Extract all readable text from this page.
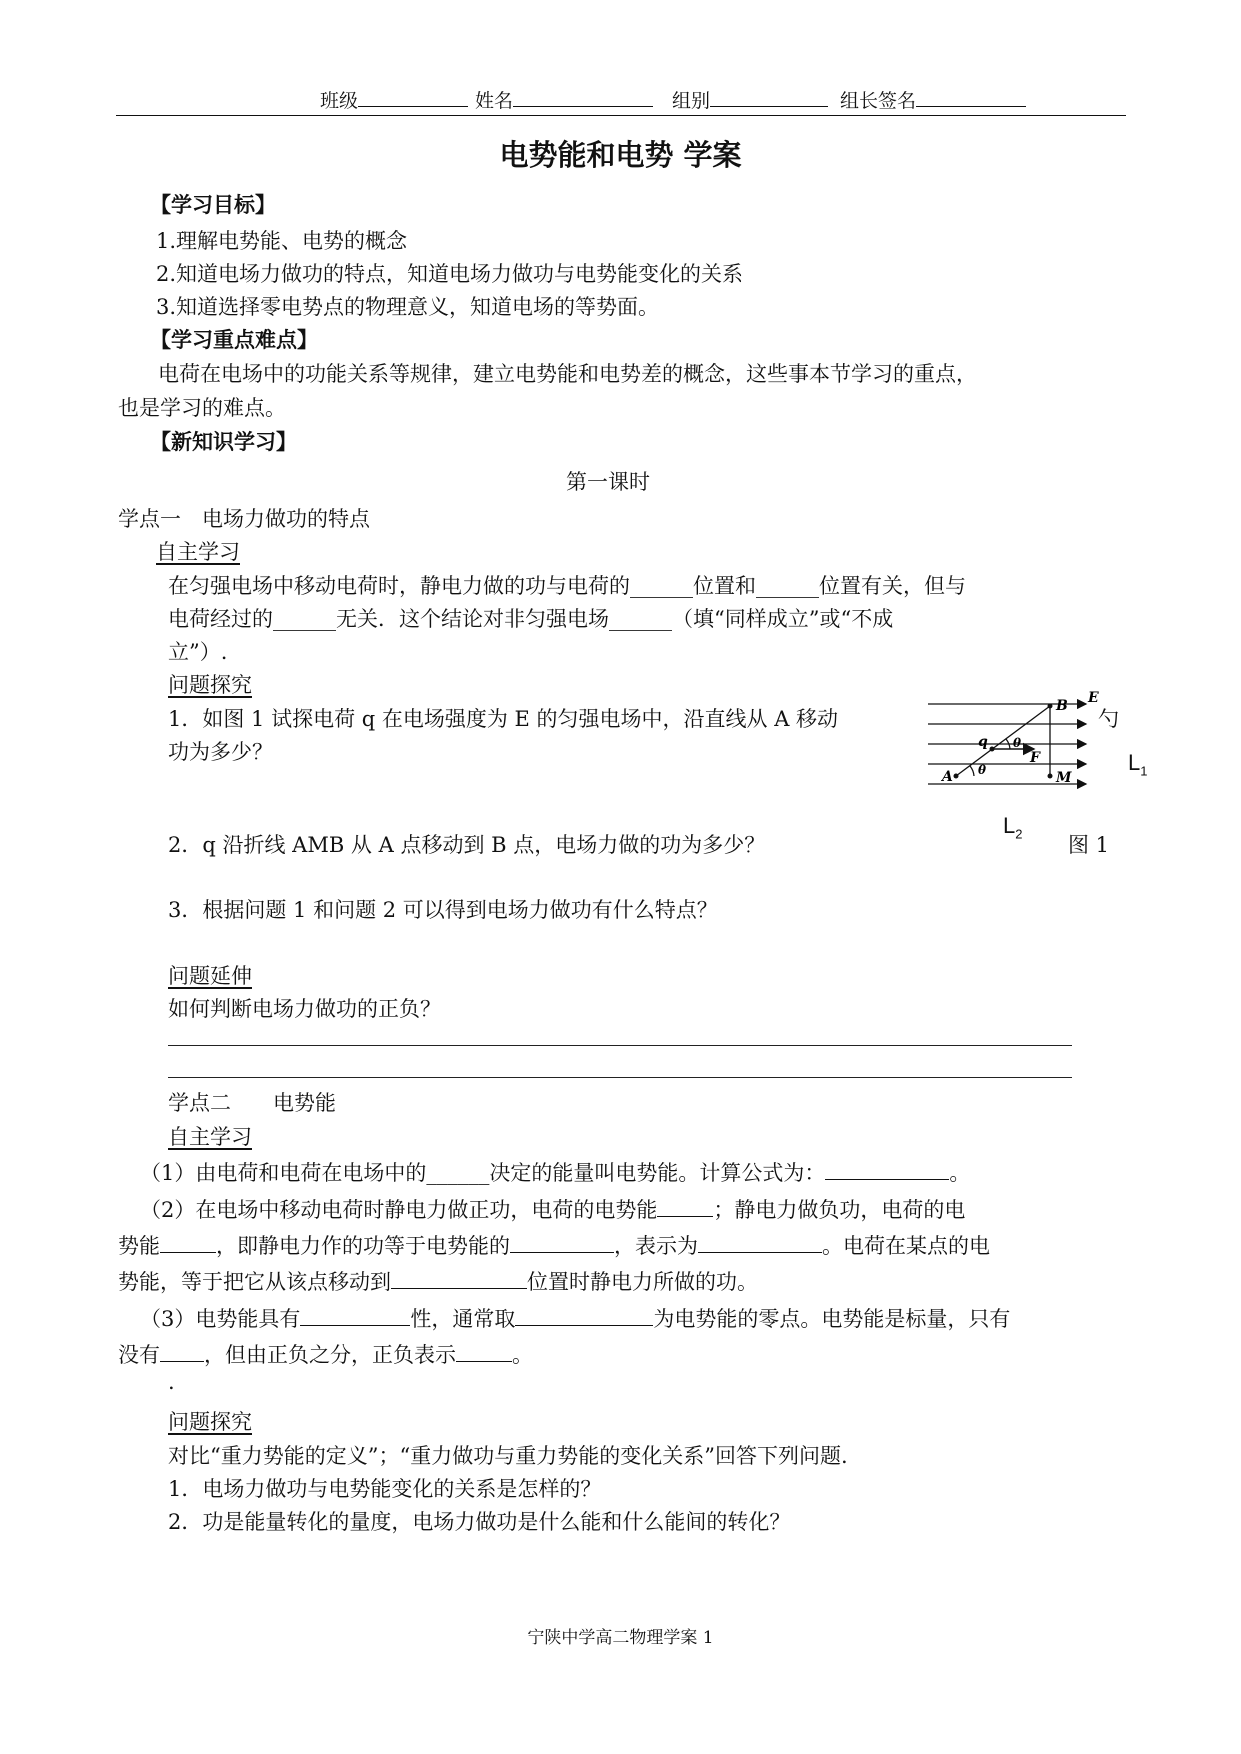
班级	姓名	组别	组长签名
电势能和电势 学案
【学习目标】
1.理解电势能、电势的概念
2.知道电场力做功的特点，知道电场力做功与电势能变化的关系
3.知道选择零电势点的物理意义，知道电场的等势面。
【学习重点难点】
电荷在电场中的功能关系等规律，建立电势能和电势差的概念，这些事本节学习的重点，
也是学习的难点。
【新知识学习】
第一课时
学点一　电场力做功的特点
自主学习
在匀强电场中移动电荷时，静电力做的功与电荷的______位置和______位置有关，但与
电荷经过的______无关．这个结论对非匀强电场______（填“同样成立”或“不成
立”）.
问题探究
1．如图 1 试探电荷 q 在电场强度为 E 的匀强电场中，沿直线从 A 移动	勺
功为多少？
2．q 沿折线 AMB 从 A 点移动到 B 点，电场力做的功为多少？
3．根据问题 1 和问题 2 可以得到电场力做功有什么特点？
问题延伸
如何判断电场力做功的正负？
E
B
q θ
F
θ
A	M
$L_1$
$L_2$ 图 1
学点二　　电势能
自主学习
（1）由电荷和电荷在电场中的______决定的能量叫电势能。计算公式为：	。
（2）在电场中移动电荷时静电力做正功，电荷的电势能	；静电力做负功，电荷的电
势能	，即静电力作的功等于电势能的	，表示为	。电荷在某点的电
势能，等于把它从该点移动到	位置时静电力所做的功。
（3）电势能具有	性，通常取	为电势能的零点。电势能是标量，只有
没有 ，但由正负之分，正负表示	。
.
问题探究
对比“重力势能的定义”；“重力做功与重力势能的变化关系”回答下列问题.
1．电场力做功与电势能变化的关系是怎样的？
2．功是能量转化的量度，电场力做功是什么能和什么能间的转化？
宁陕中学高二物理学案 1
